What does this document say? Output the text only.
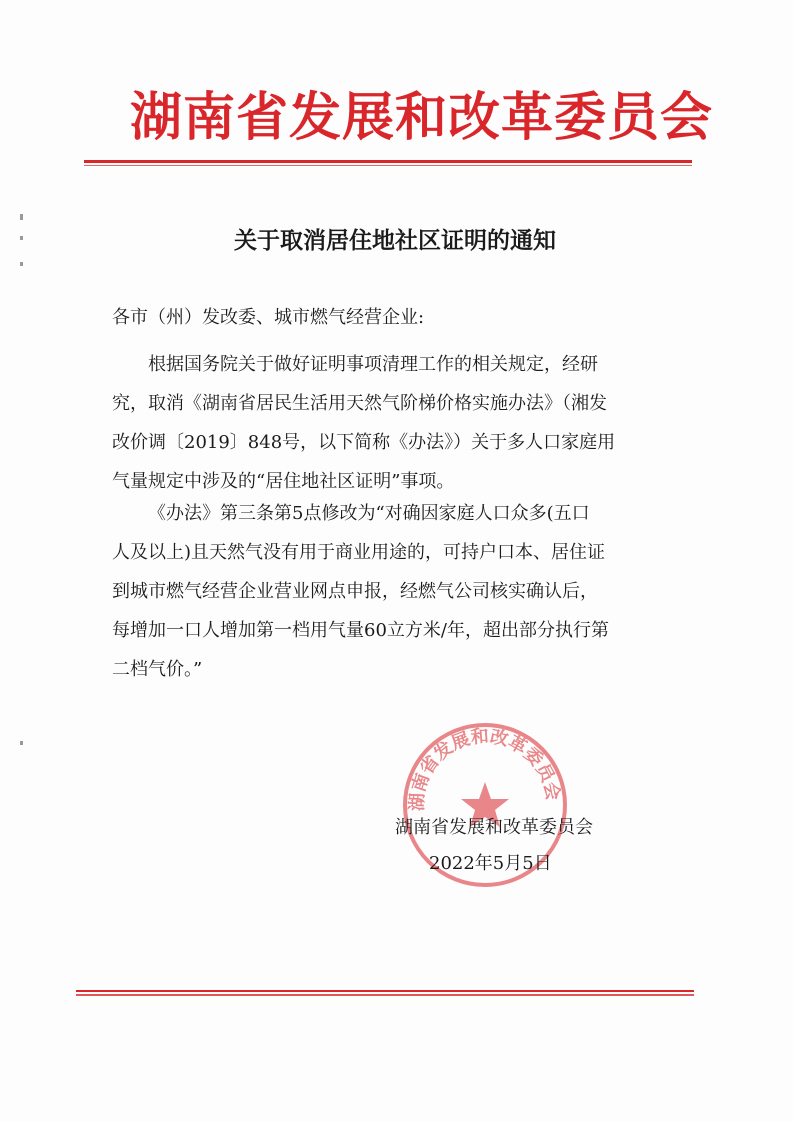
湖南省发展和改革委员会
关于取消居住地社区证明的通知
各市（州）发改委、城市燃气经营企业:
根据国务院关于做好证明事项清理工作的相关规定，经研
究，取消《湖南省居民生活用天然气阶梯价格实施办法》（湘发
改价调〔2019〕848号，以下简称《办法》）关于多人口家庭用
气量规定中涉及的“居住地社区证明”事项。
《办法》第三条第5点修改为“对确因家庭人口众多(五口
人及以上)且天然气没有用于商业用途的，可持户口本、居住证
到城市燃气经营企业营业网点申报，经燃气公司核实确认后，
每增加一口人增加第一档用气量60立方米/年，超出部分执行第
二档气价。”
湖南省发展和改革委员会
湖南省发展和改革委员会
2022年5月5日
